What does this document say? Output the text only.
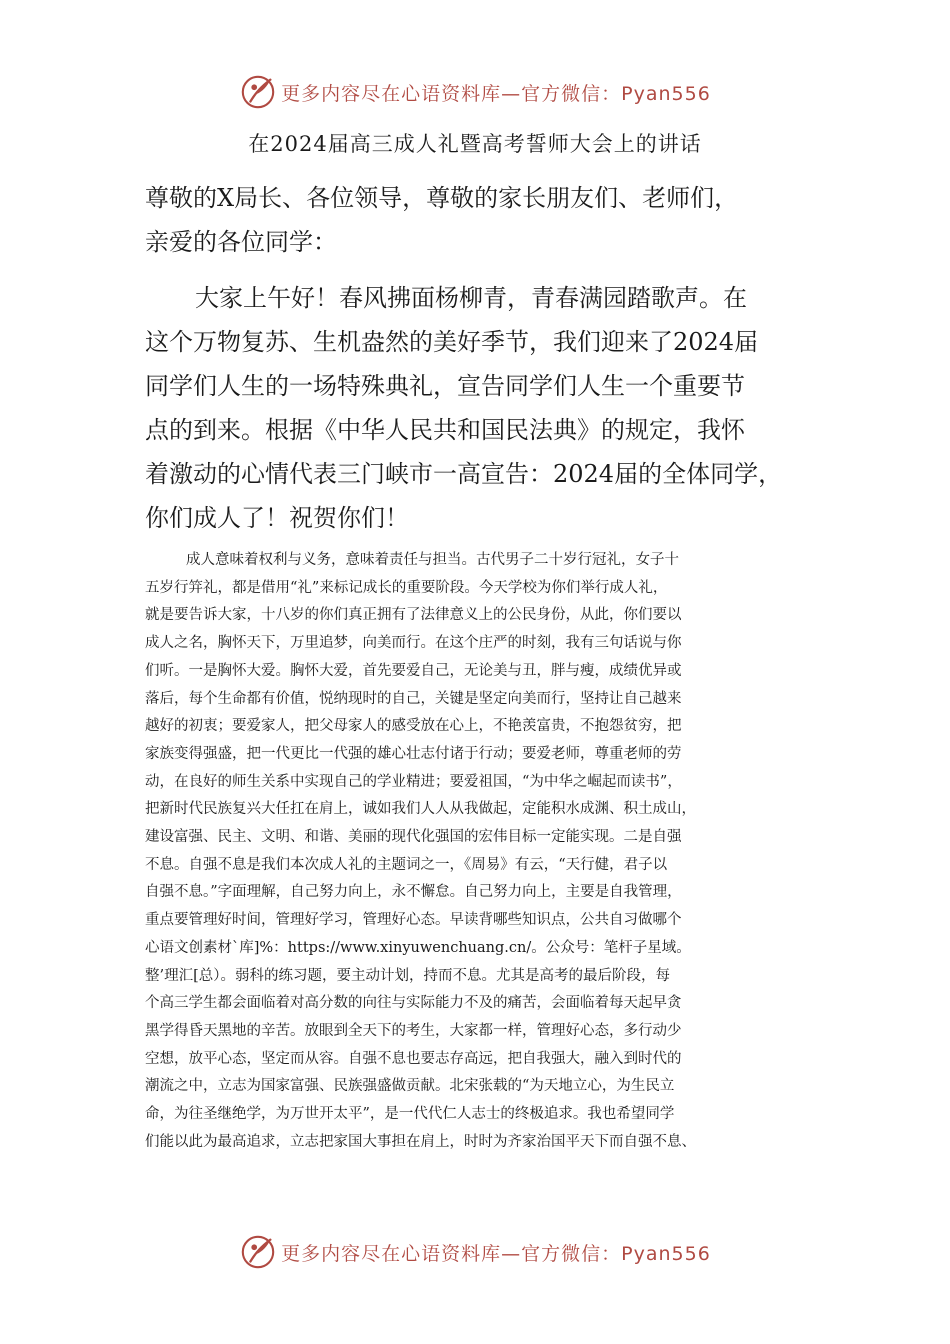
更多内容尽在心语资料库—官方微信：Pyan556
在2024届高三成人礼暨高考誓师大会上的讲话
尊敬的X局长、各位领导，尊敬的家长朋友们、老师们，
亲爱的各位同学：
大家上午好！春风拂面杨柳青，青春满园踏歌声。在
这个万物复苏、生机盎然的美好季节，我们迎来了2024届
同学们人生的一场特殊典礼，宣告同学们人生一个重要节
点的到来。根据《中华人民共和国民法典》的规定，我怀
着激动的心情代表三门峡市一高宣告：2024届的全体同学，
你们成人了！祝贺你们！
成人意味着权利与义务，意味着责任与担当。古代男子二十岁行冠礼，女子十
五岁行笄礼，都是借用“礼”来标记成长的重要阶段。今天学校为你们举行成人礼，
就是要告诉大家，十八岁的你们真正拥有了法律意义上的公民身份，从此，你们要以
成人之名，胸怀天下，万里追梦，向美而行。在这个庄严的时刻，我有三句话说与你
们听。一是胸怀大爱。胸怀大爱，首先要爱自己，无论美与丑，胖与瘦，成绩优异或
落后，每个生命都有价值，悦纳现时的自己，关键是坚定向美而行，坚持让自己越来
越好的初衷；要爱家人，把父母家人的感受放在心上，不艳羡富贵，不抱怨贫穷，把
家族变得强盛，把一代更比一代强的雄心壮志付诸于行动；要爱老师，尊重老师的劳
动，在良好的师生关系中实现自己的学业精进；要爱祖国，“为中华之崛起而读书”，
把新时代民族复兴大任扛在肩上，诚如我们人人从我做起，定能积水成渊、积土成山，
建设富强、民主、文明、和谐、美丽的现代化强国的宏伟目标一定能实现。二是自强
不息。自强不息是我们本次成人礼的主题词之一，《周易》有云，“天行健，君子以
自强不息。”字面理解，自己努力向上，永不懈怠。自己努力向上，主要是自我管理，
重点要管理好时间，管理好学习，管理好心态。早读背哪些知识点，公共自习做哪个
心语文创素材`库]%：https://www.xinyuwenchuang.cn/。公众号：笔杆子星域。
整’理汇[总）。弱科的练习题，要主动计划，持而不息。尤其是高考的最后阶段，每
个高三学生都会面临着对高分数的向往与实际能力不及的痛苦，会面临着每天起早贪
黑学得昏天黑地的辛苦。放眼到全天下的考生，大家都一样，管理好心态，多行动少
空想，放平心态，坚定而从容。自强不息也要志存高远，把自我强大，融入到时代的
潮流之中，立志为国家富强、民族强盛做贡献。北宋张载的“为天地立心，为生民立
命，为往圣继绝学，为万世开太平”，是一代代仁人志士的终极追求。我也希望同学
们能以此为最高追求，立志把家国大事担在肩上，时时为齐家治国平天下而自强不息、
更多内容尽在心语资料库—官方微信：Pyan556
